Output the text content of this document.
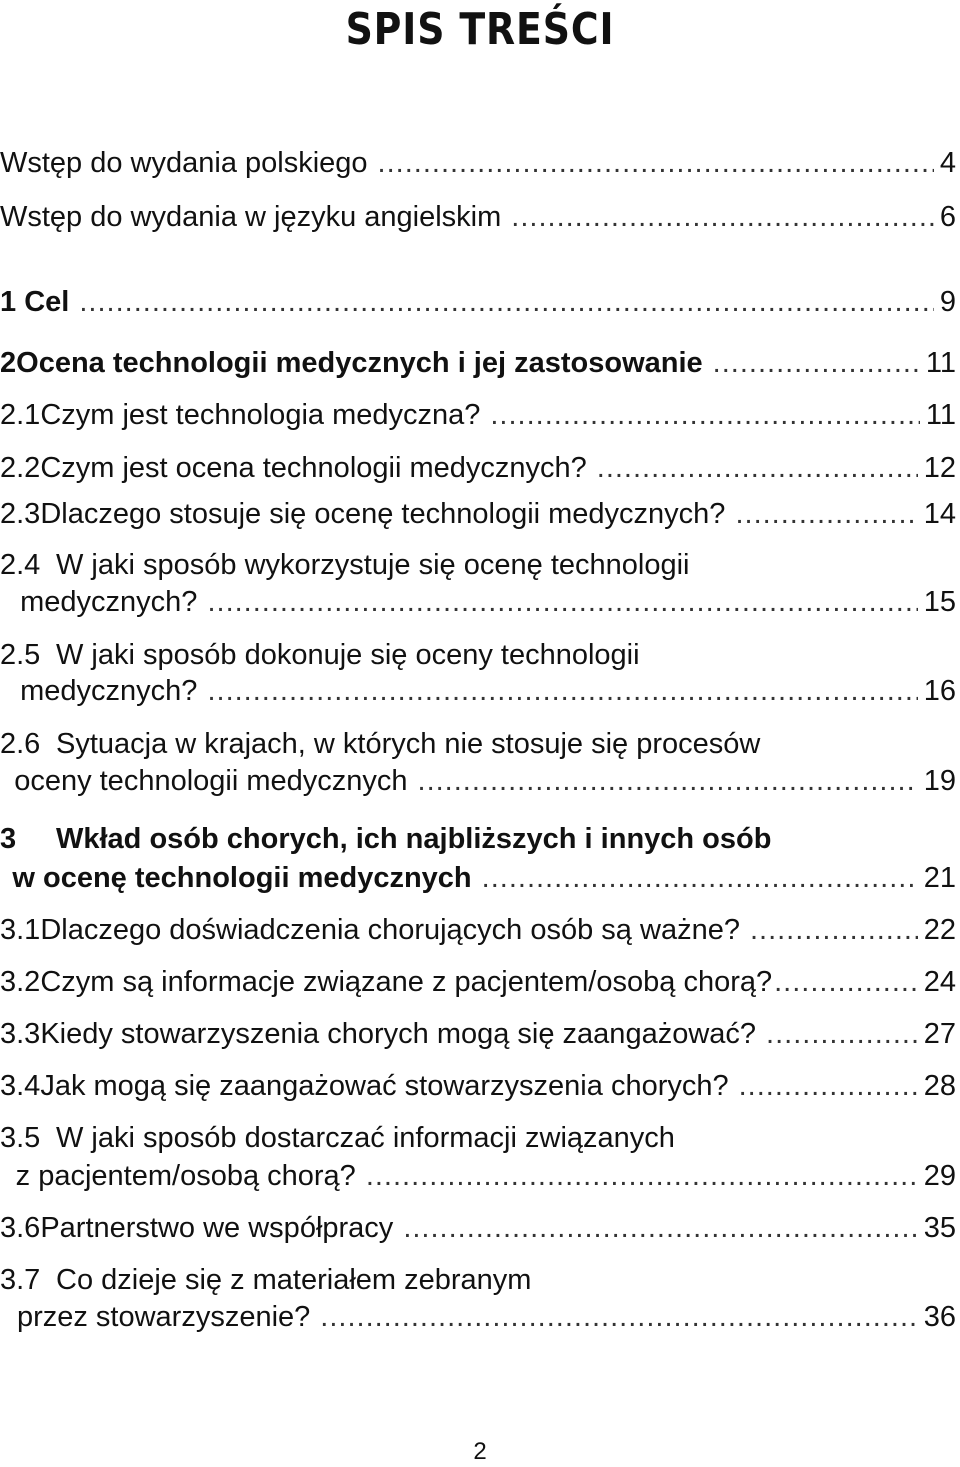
SPIS TREŚCI
Wstęp do wydania polskiego .....	4
Wstęp do wydania w języku angielskim .....	6
1 Cel .....	9
2 Ocena technologii medycznych i jej zastosowanie .....	11
2.1 Czym jest technologia medyczna? .....	11
2.2 Czym jest ocena technologii medycznych? .....	12
2.3 Dlaczego stosuje się ocenę technologii medycznych? .....	14
2.4 W jaki sposób wykorzystuje się ocenę technologii
medycznych? .....	15
2.5 W jaki sposób dokonuje się oceny technologii
medycznych? .....	16
2.6 Sytuacja w krajach, w których nie stosuje się procesów
oceny technologii medycznych .....	19
3	Wkład osób chorych, ich najbliższych i innych osób
w ocenę technologii medycznych .....	21
3.1 Dlaczego doświadczenia chorujących osób są ważne? .....	22
3.2 Czym są informacje związane z pacjentem/osobą chorą? .....	24
3.3 Kiedy stowarzyszenia chorych mogą się zaangażować? .....	27
3.4 Jak mogą się zaangażować stowarzyszenia chorych? .....	28
3.5 W jaki sposób dostarczać informacji związanych
z pacjentem/osobą chorą? .....	29
3.6 Partnerstwo we współpracy .....	35
3.7 Co dzieje się z materiałem zebranym
przez stowarzyszenie? .....	36
2
